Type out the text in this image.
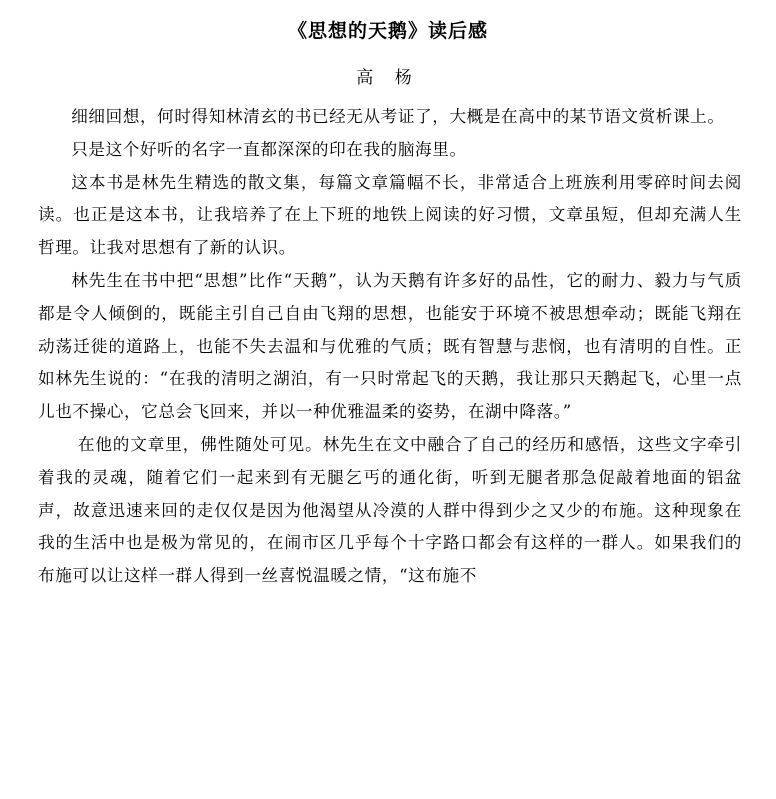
《思想的天鹅》读后感
高 杨

细细回想，何时得知林清玄的书已经无从考证了，大概是在高中的某节语文赏析课上。

只是这个好听的名字一直都深深的印在我的脑海里。

这本书是林先生精选的散文集，每篇文章篇幅不长，非常适合上班族利用零碎时间去阅读。也正是这本书，让我培养了在上下班的地铁上阅读的好习惯，文章虽短，但却充满人生哲理。让我对思想有了新的认识。

林先生在书中把“思想”比作“天鹅”，认为天鹅有许多好的品性，它的耐力、毅力与气质都是令人倾倒的，既能主引自己自由飞翔的思想，也能安于环境不被思想牵动；既能飞翔在动荡迁徙的道路上，也能不失去温和与优雅的气质；既有智慧与悲悯，也有清明的自性。正如林先生说的：“在我的清明之湖泊，有一只时常起飞的天鹅，我让那只天鹅起飞，心里一点儿也不操心，它总会飞回来，并以一种优雅温柔的姿势，在湖中降落。”

在他的文章里，佛性随处可见。林先生在文中融合了自己的经历和感悟，这些文字牵引着我的灵魂，随着它们一起来到有无腿乞丐的通化街，听到无腿者那急促敲着地面的铝盆声，故意迅速来回的走仅仅是因为他渴望从冷漠的人群中得到少之又少的布施。这种现象在我的生活中也是极为常见的，在闹市区几乎每个十字路口都会有这样的一群人。如果我们的布施可以让这样一群人得到一丝喜悦温暖之情，“这布施不
